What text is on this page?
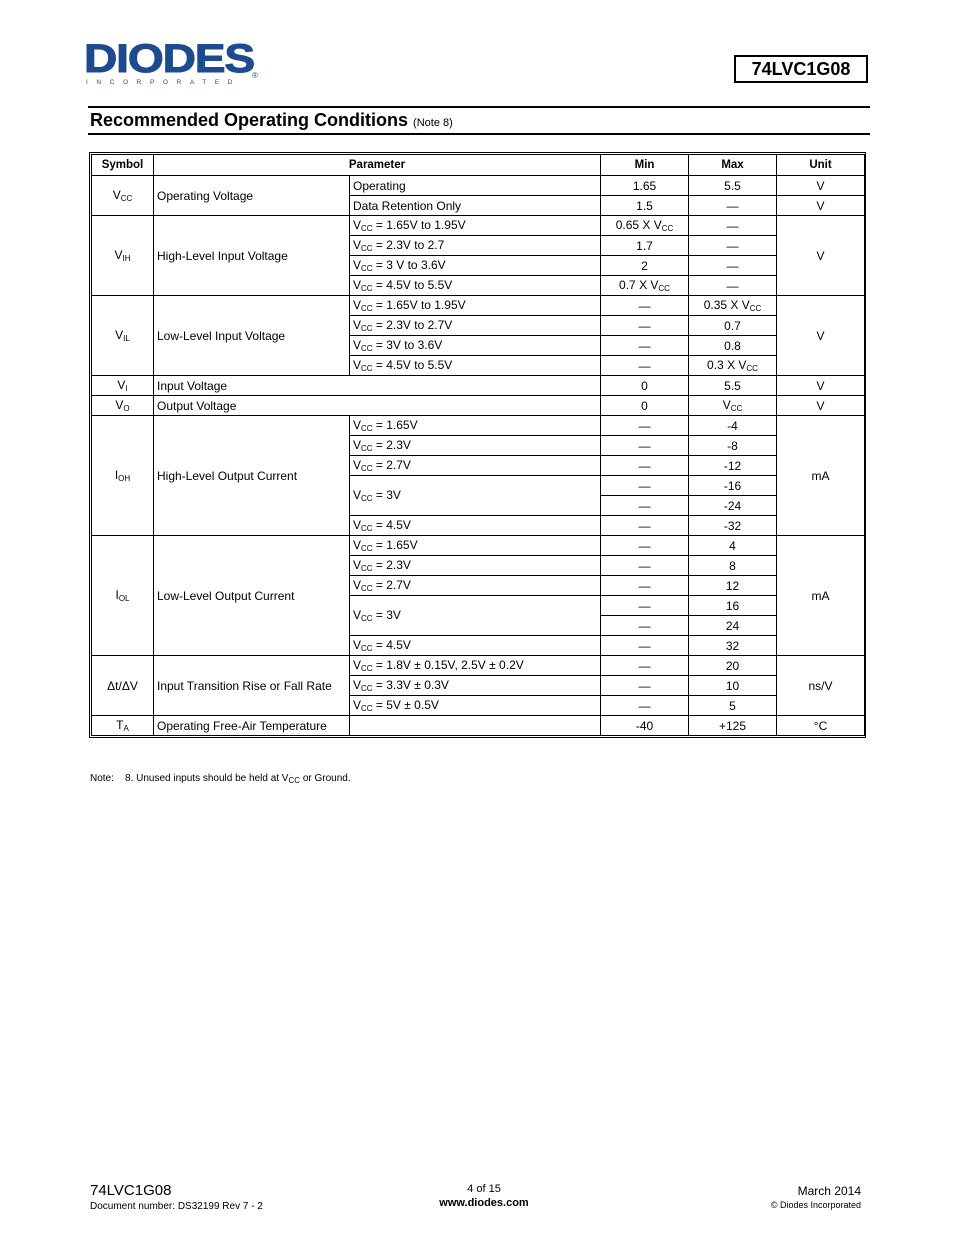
DIODES
INCORPORATED
®	74LVC1G08
Recommended Operating Conditions (Note 8)
Symbol	Parameter		Min	Max	Unit
$V_{CC}$	Operating Voltage	Operating	1.65	5.5	V
		Data Retention Only	1.5	—	V
$V_{IH}$	High-Level Input Voltage	$V_{CC} = 1.65V$ to 1.95V	0.65 X $V_{CC}$	—	V
		$V_{CC} = 2.3V$ to 2.7	1.7	—	
		$V_{CC} = 3$ V to 3.6V	2	—	
		$V_{CC} = 4.5V$ to 5.5V	0.7 X $V_{CC}$	—	
$V_{IL}$	Low-Level Input Voltage	$V_{CC} = 1.65V$ to 1.95V	—	0.35 X $V_{CC}$	V
		$V_{CC} = 2.3V$ to 2.7V	—	0.7	
		$V_{CC} = 3V$ to 3.6V	—	0.8	
		$V_{CC} = 4.5V$ to 5.5V	—	0.3 X $V_{CC}$
$V_I$	Input Voltage		0	5.5	V
$V_O$	Output Voltage		0	$V_{CC}$	V
$I_{OH}$	High-Level Output Current	$V_{CC} = 1.65V$	—	-4	mA
		$V_{CC} = 2.3V$	—	-8	
		$V_{CC} = 2.7V$	—	-12	
		$V_{CC} = 3V$	—	-16	
			—	-24	
		$V_{CC} = 4.5V$	—	-32	
$I_{OL}$	Low-Level Output Current	$V_{CC} = 1.65V$	—	4	mA
		$V_{CC} = 2.3V$	—	8	
		$V_{CC} = 2.7V$	—	12	
		$V_{CC} = 3V$	—	16	
			—	24	
		$V_{CC} = 4.5V$	—	32	
Δt/ΔV	Input Transition Rise or Fall Rate	$V_{CC} = 1.8V \pm 0.15V$, 2.5V ± 0.2V	—	20	ns/V
		$V_{CC} = 3.3V \pm 0.3V$	—	10	
		$V_{CC} = 5V \pm 0.5V$	—	5	
$T_A$	Operating Free-Air Temperature		-40	+125	°C
Note: 8. Unused inputs should be held at $V_{CC}$ or Ground.
74LVC1G08
Document number: DS32199 Rev 7 - 2
4 of 15
www.diodes.com
March 2014
© Diodes Incorporated
